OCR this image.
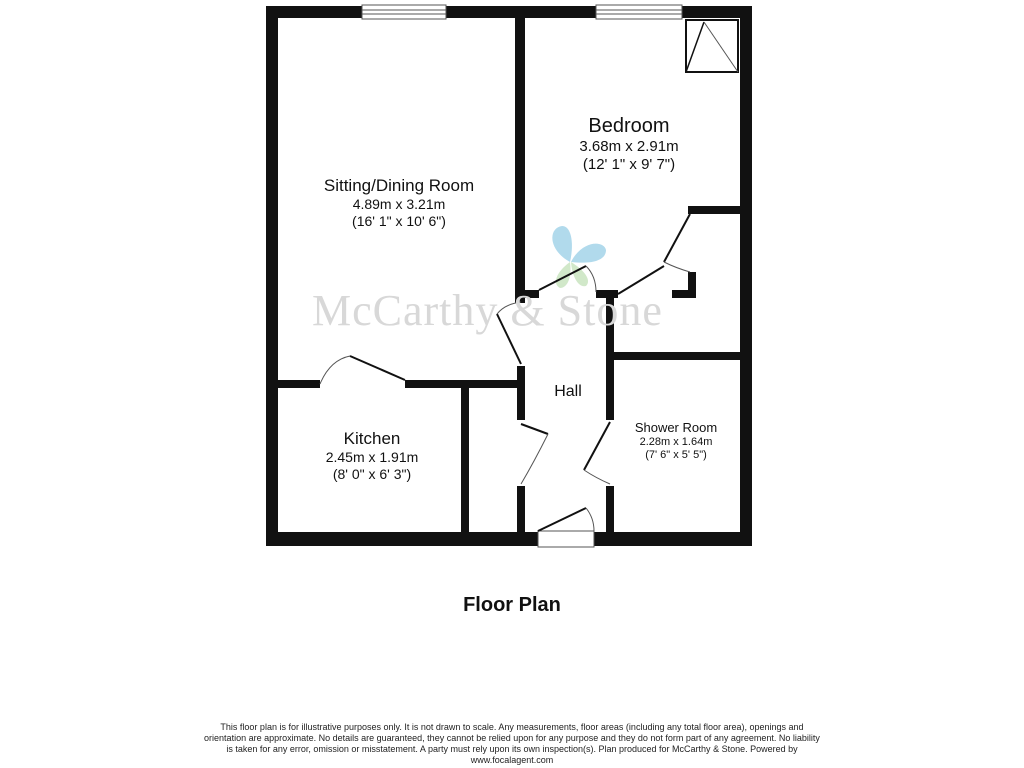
McCarthy & Stone
Sitting/Dining Room
4.89m x 3.21m
(16' 1" x 10' 6")
Bedroom
3.68m x 2.91m
(12' 1" x 9' 7")
Kitchen
2.45m x 1.91m
(8' 0" x 6' 3")
Hall
Shower Room
2.28m x 1.64m
(7' 6" x 5' 5")
Floor Plan
This floor plan is for illustrative purposes only. It is not drawn to scale. Any measurements, floor areas (including any total floor area), openings and orientation are approximate. No details are guaranteed, they cannot be relied upon for any purpose and they do not form part of any agreement. No liability is taken for any error, omission or misstatement. A party must rely upon its own inspection(s). Plan produced for McCarthy & Stone. Powered by www.focalagent.com
